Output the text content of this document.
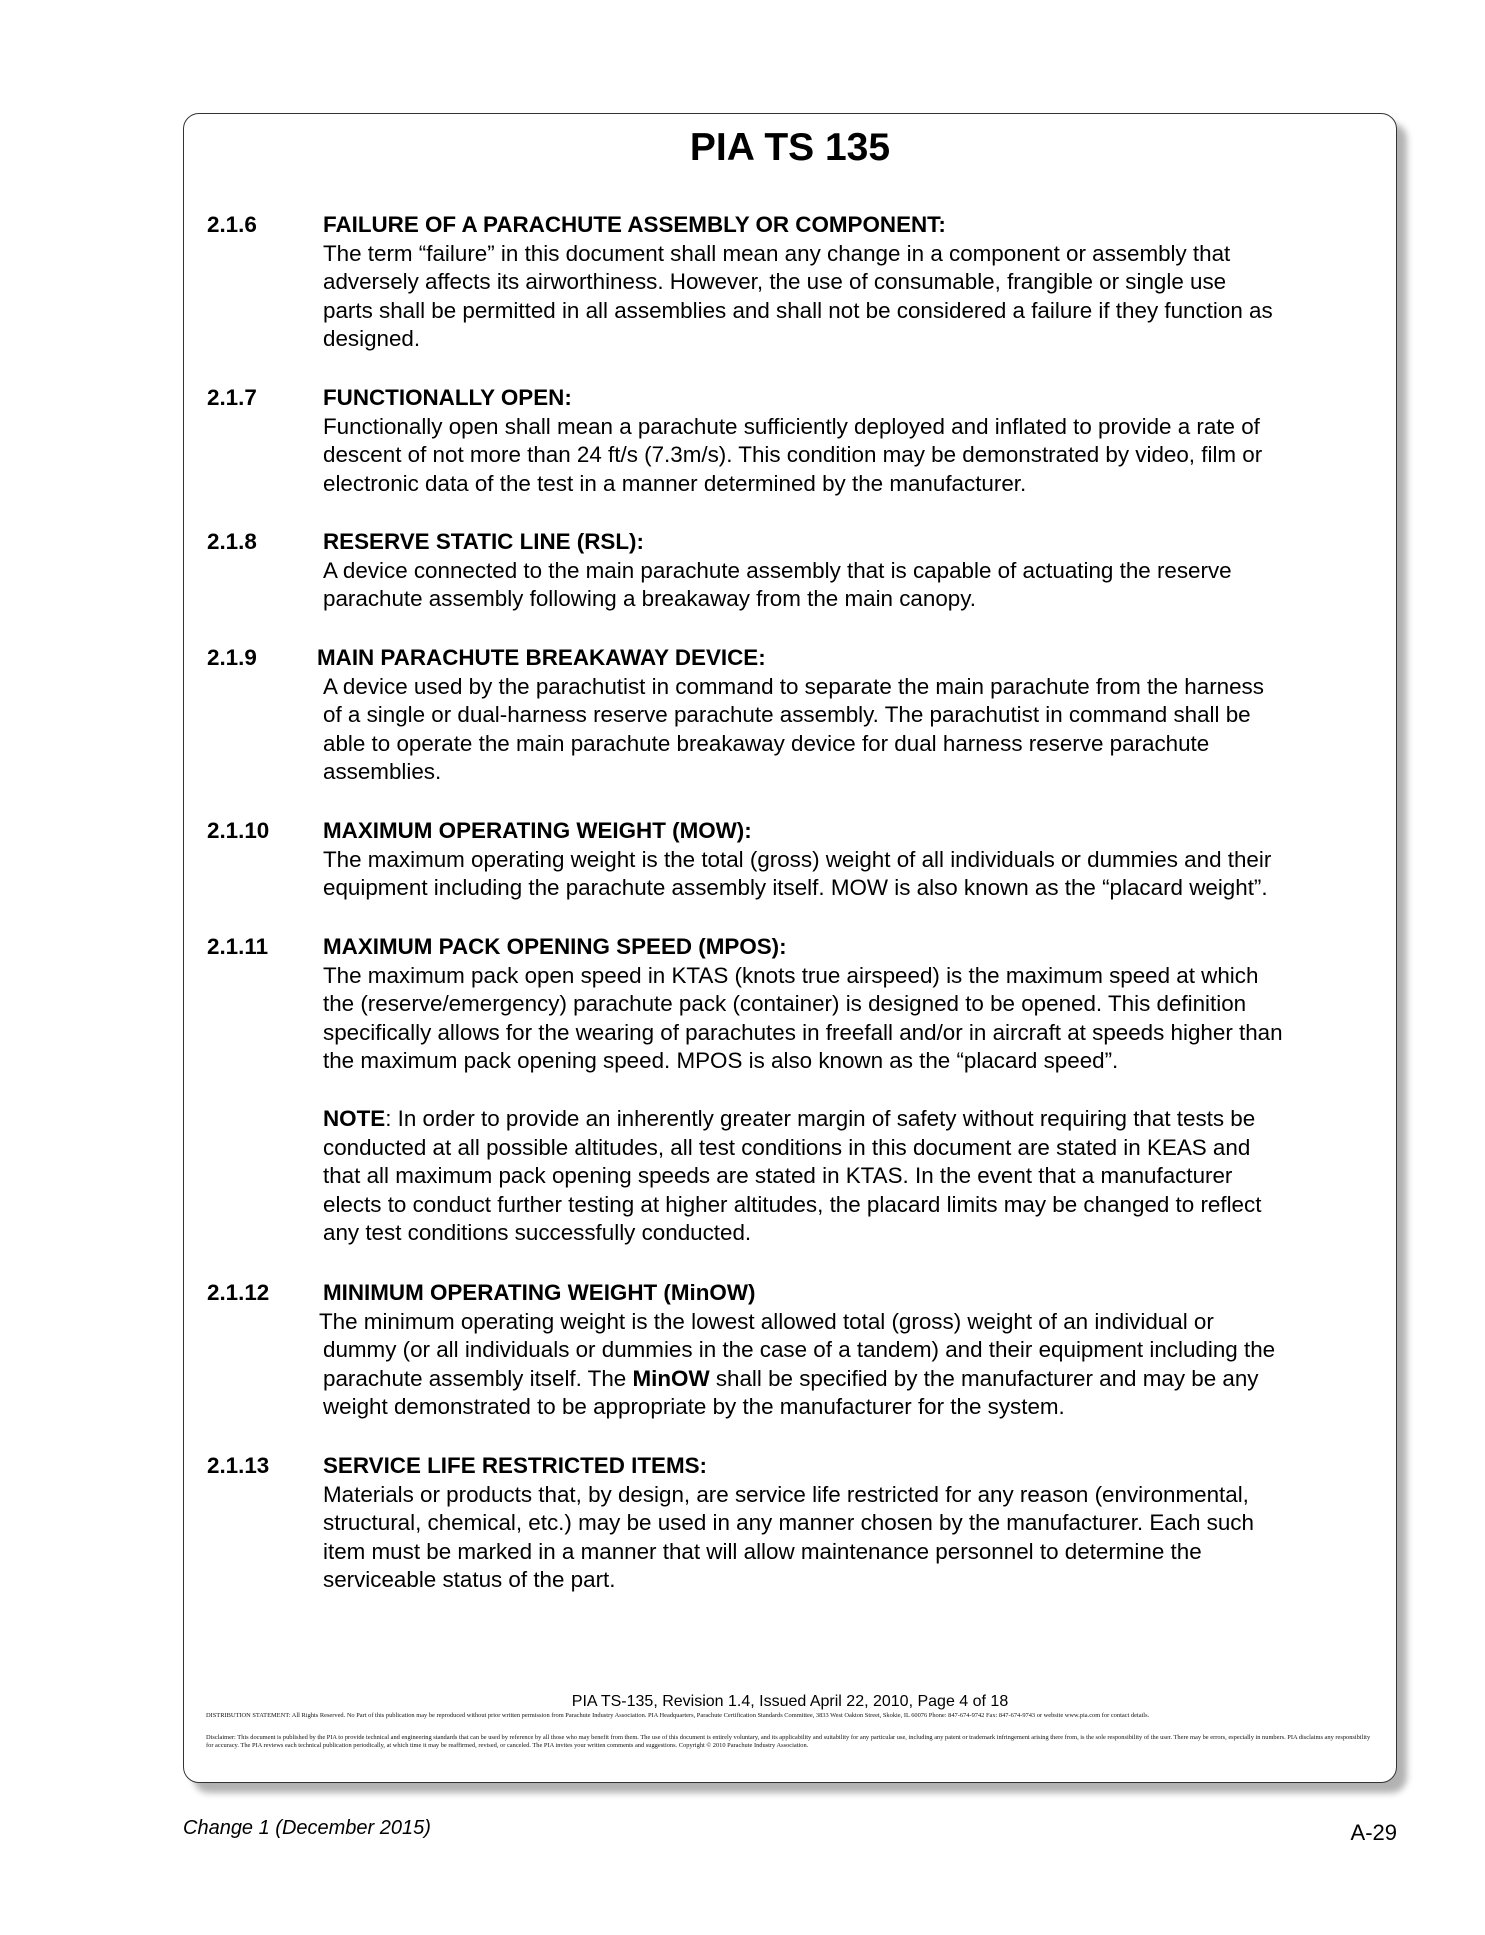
PIA TS 135
2.1.6	FAILURE OF A PARACHUTE ASSEMBLY OR COMPONENT:
The term “failure” in this document shall mean any change in a component or assembly that
adversely affects its airworthiness. However, the use of consumable, frangible or single use
parts shall be permitted in all assemblies and shall not be considered a failure if they function as
designed.
2.1.7	FUNCTIONALLY OPEN:
Functionally open shall mean a parachute sufficiently deployed and inflated to provide a rate of
descent of not more than 24 ft/s (7.3m/s). This condition may be demonstrated by video, film or
electronic data of the test in a manner determined by the manufacturer.
2.1.8	RESERVE STATIC LINE (RSL):
A device connected to the main parachute assembly that is capable of actuating the reserve
parachute assembly following a breakaway from the main canopy.
2.1.9	MAIN PARACHUTE BREAKAWAY DEVICE:
A device used by the parachutist in command to separate the main parachute from the harness
of a single or dual-harness reserve parachute assembly. The parachutist in command shall be
able to operate the main parachute breakaway device for dual harness reserve parachute
assemblies.
2.1.10 MAXIMUM OPERATING WEIGHT (MOW):
The maximum operating weight is the total (gross) weight of all individuals or dummies and their
equipment including the parachute assembly itself. MOW is also known as the “placard weight”.
2.1.11 MAXIMUM PACK OPENING SPEED (MPOS):
The maximum pack open speed in KTAS (knots true airspeed) is the maximum speed at which
the (reserve/emergency) parachute pack (container) is designed to be opened. This definition
specifically allows for the wearing of parachutes in freefall and/or in aircraft at speeds higher than
the maximum pack opening speed. MPOS is also known as the “placard speed”.
NOTE: In order to provide an inherently greater margin of safety without requiring that tests be
conducted at all possible altitudes, all test conditions in this document are stated in KEAS and
that all maximum pack opening speeds are stated in KTAS. In the event that a manufacturer
elects to conduct further testing at higher altitudes, the placard limits may be changed to reflect
any test conditions successfully conducted.
2.1.12 MINIMUM OPERATING WEIGHT (MinOW)
The minimum operating weight is the lowest allowed total (gross) weight of an individual or
dummy (or all individuals or dummies in the case of a tandem) and their equipment including the
parachute assembly itself. The MinOW shall be specified by the manufacturer and may be any
weight demonstrated to be appropriate by the manufacturer for the system.
2.1.13 SERVICE LIFE RESTRICTED ITEMS:
Materials or products that, by design, are service life restricted for any reason (environmental,
structural, chemical, etc.) may be used in any manner chosen by the manufacturer. Each such
item must be marked in a manner that will allow maintenance personnel to determine the
serviceable status of the part.
PIA TS-135, Revision 1.4, Issued April 22, 2010, Page 4 of 18
DISTRIBUTION STATEMENT: All Rights Reserved. No Part of this publication may be reproduced without prior written permission from Parachute Industry Association. PIA Headquarters, Parachute Certification Standards Committee, 3833 West Oakton Street, Skokie, IL 60076 Phone: 847-674-9742 Fax: 847-674-9743 or website www.pia.com for contact details.
Disclaimer: This document is published by the PIA to provide technical and engineering standards that can be used by reference by all those who may benefit from them. The use of this document is entirely voluntary, and its applicability and suitability for any particular use, including any patent or trademark infringement arising there from, is the sole responsibility of the user. There may be errors, especially in numbers. PIA disclaims any responsibility for accuracy. The PIA reviews each technical publication periodically, at which time it may be reaffirmed, revised, or canceled. The PIA invites your written comments and suggestions. Copyright © 2010 Parachute Industry Association.
Change 1 (December 2015)	A-29
